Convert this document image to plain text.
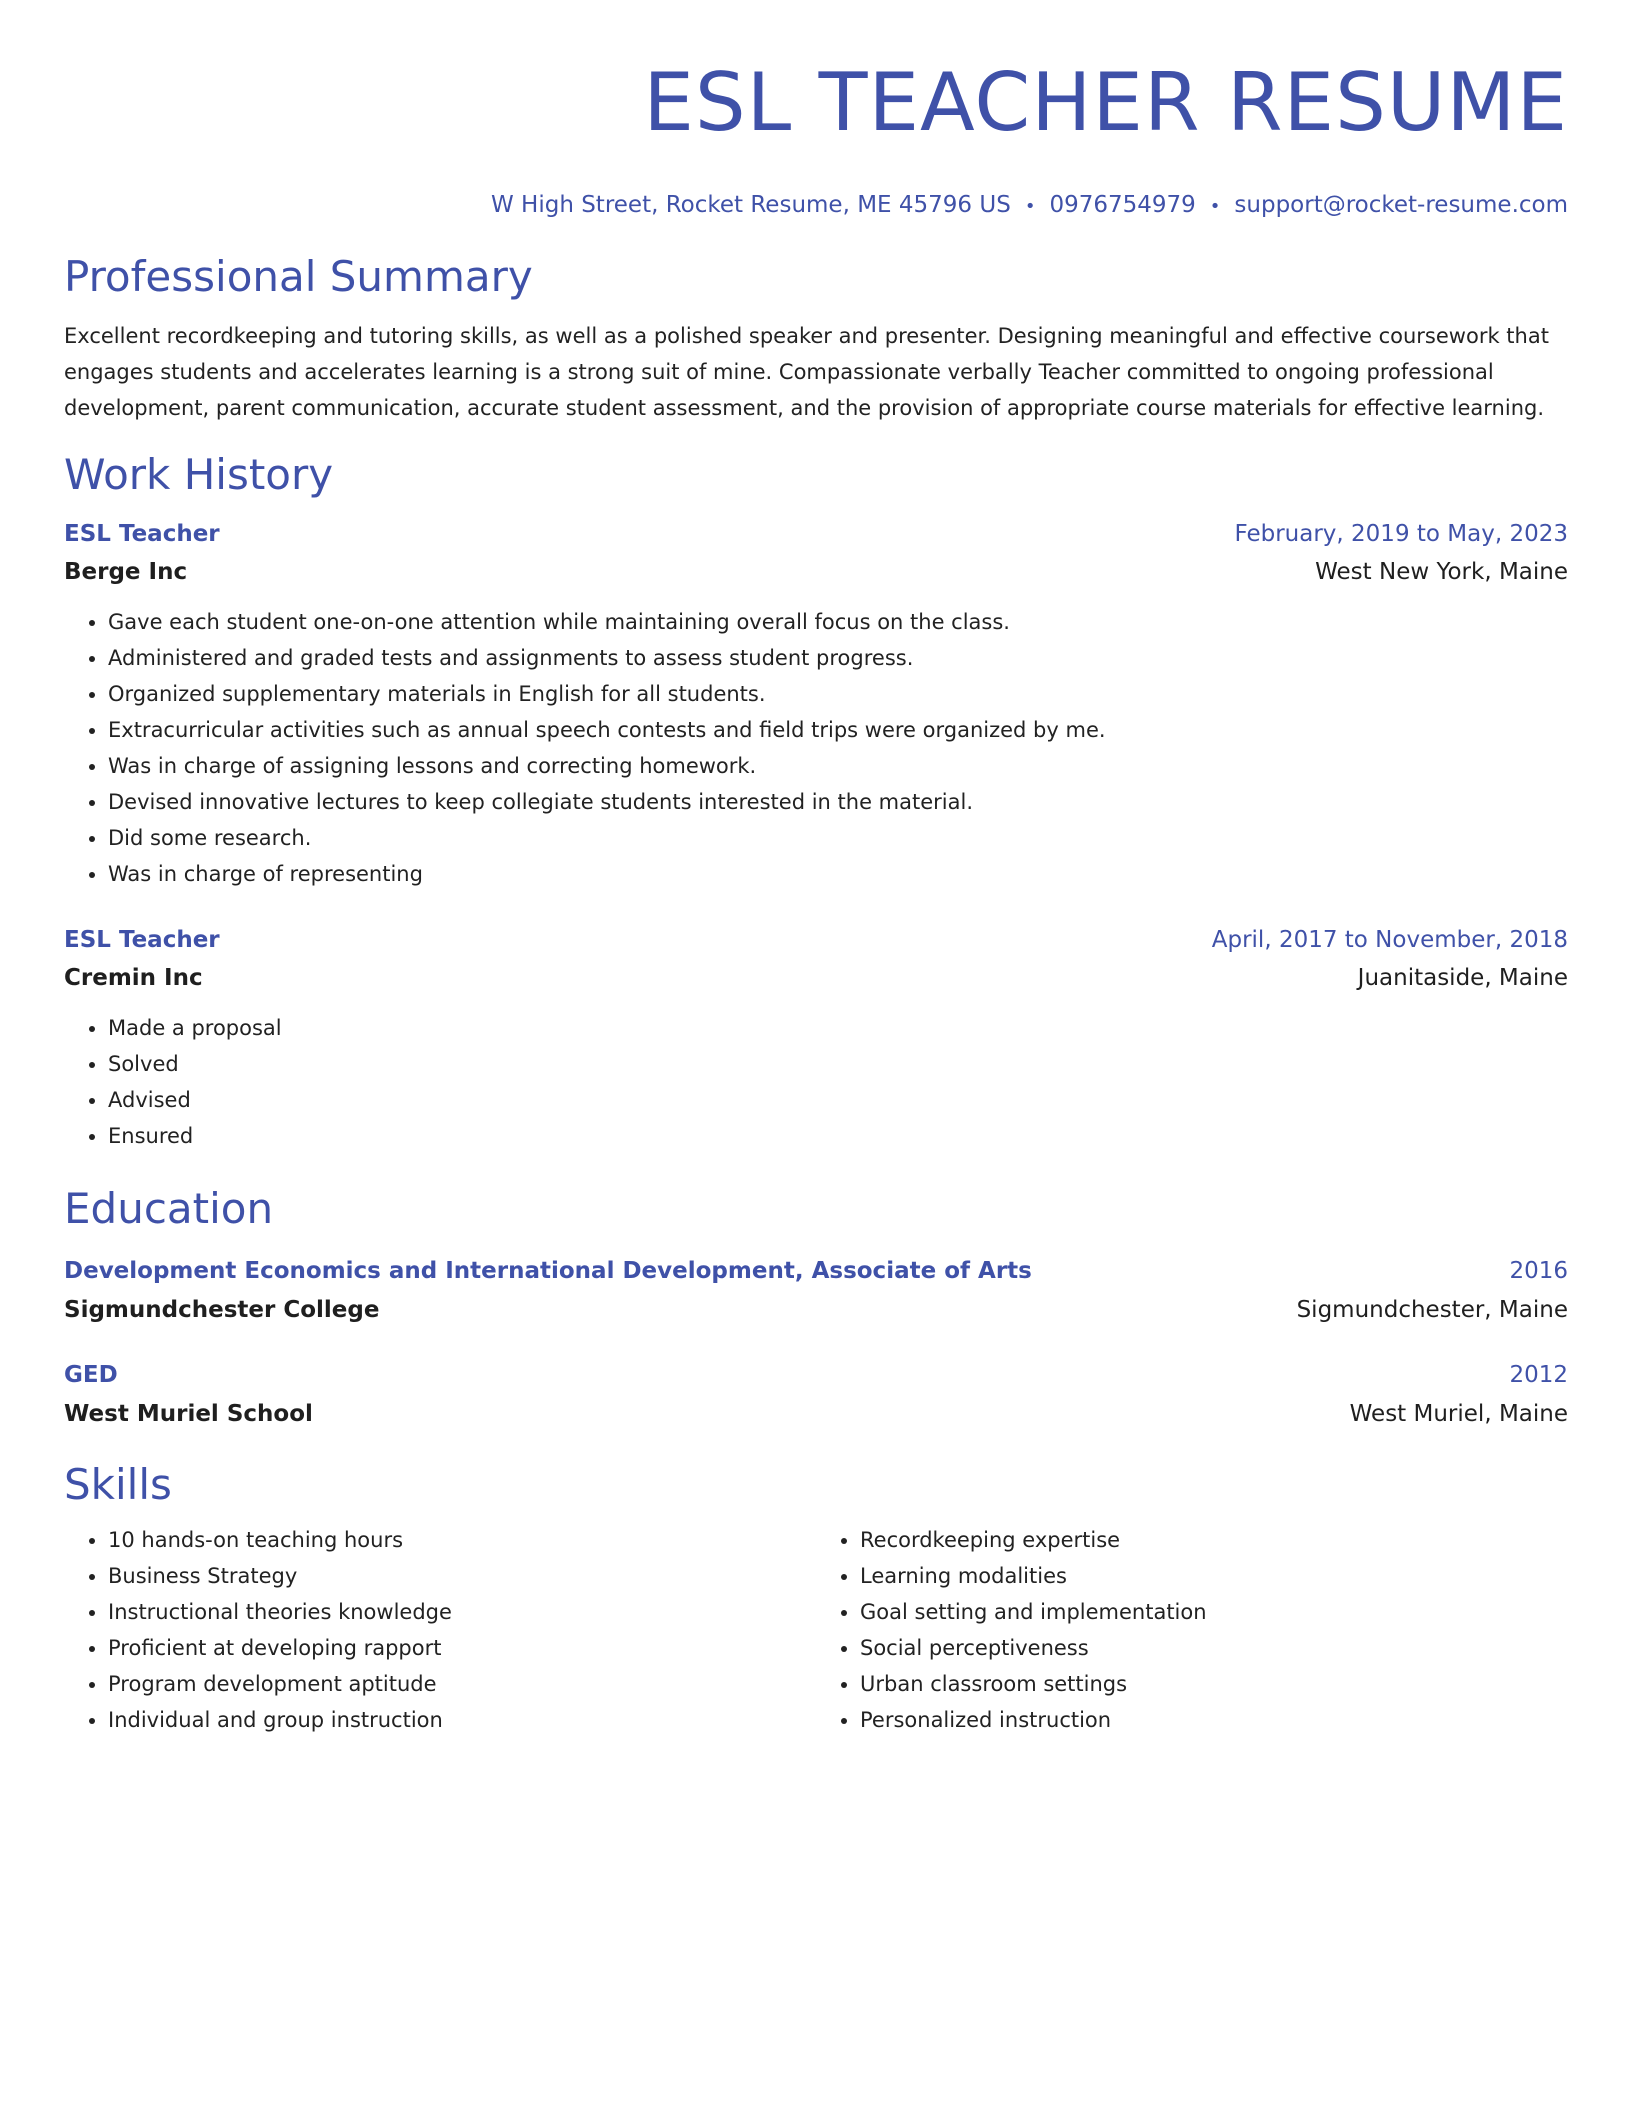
ESL TEACHER RESUME
W High Street, Rocket Resume, ME 45796 US • 0976754979 • support@rocket-resume.com
Professional Summary

Excellent recordkeeping and tutoring skills, as well as a polished speaker and presenter. Designing meaningful and effective coursework that engages students and accelerates learning is a strong suit of mine. Compassionate verbally Teacher committed to ongoing professional development, parent communication, accurate student assessment, and the provision of appropriate course materials for effective learning.

Work History
ESL Teacher	February, 2019 to May, 2023
Berge Inc	West New York, Maine
• Gave each student one-on-one attention while maintaining overall focus on the class.
• Administered and graded tests and assignments to assess student progress.
• Organized supplementary materials in English for all students.
• Extracurricular activities such as annual speech contests and field trips were organized by me.
• Was in charge of assigning lessons and correcting homework.
• Devised innovative lectures to keep collegiate students interested in the material.
• Did some research.
• Was in charge of representing
ESL Teacher	April, 2017 to November, 2018
Cremin Inc	Juanitaside, Maine
• Made a proposal
• Solved
• Advised
• Ensured
Education
Development Economics and International Development, Associate of Arts	2016
Sigmundchester College	Sigmundchester, Maine
GED	2012
West Muriel School	West Muriel, Maine
Skills
• 10 hands-on teaching hours
• Business Strategy
• Instructional theories knowledge
• Proficient at developing rapport
• Program development aptitude
• Individual and group instruction
• Recordkeeping expertise
• Learning modalities
• Goal setting and implementation
• Social perceptiveness
• Urban classroom settings
• Personalized instruction
